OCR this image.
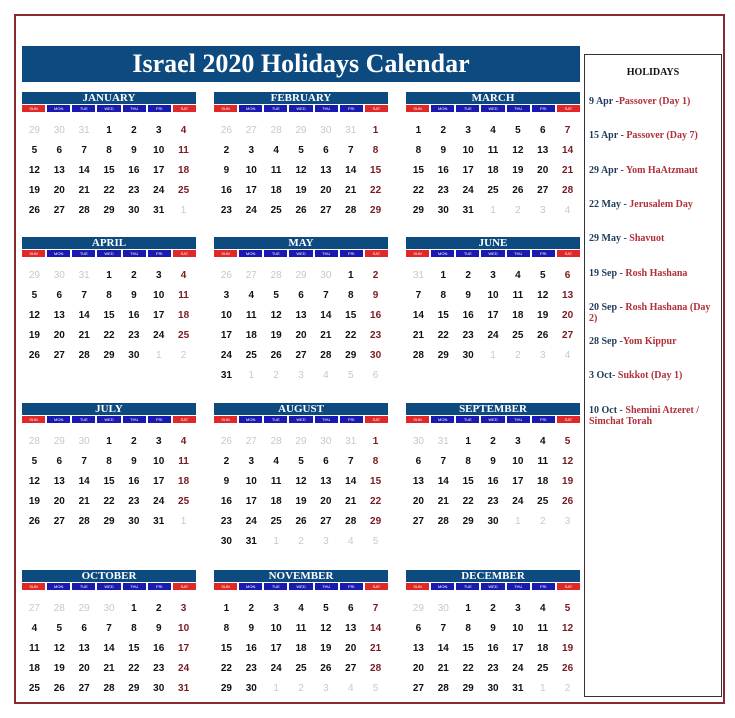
Israel 2020 Holidays Calendar
JANUARY
SUN	MON	TUE	WED	THU	FRI	SAT
29	30	31	1	2	3	4
5	6	7	8	9	10	11
12	13	14	15	16	17	18
19	20	21	22	23	24	25
26	27	28	29	30	31	1
FEBRUARY
SUN	MON	TUE	WED	THU	FRI	SAT
26	27	28	29	30	31	1
2	3	4	5	6	7	8
9	10	11	12	13	14	15
16	17	18	19	20	21	22
23	24	25	26	27	28	29
MARCH
SUN	MON	TUE	WED	THU	FRI	SAT
1	2	3	4	5	6	7
8	9	10	11	12	13	14
15	16	17	18	19	20	21
22	23	24	25	26	27	28
29	30	31	1	2	3	4
APRIL
SUN	MON	TUE	WED	THU	FRI	SAT
29	30	31	1	2	3	4
5	6	7	8	9	10	11
12	13	14	15	16	17	18
19	20	21	22	23	24	25
26	27	28	29	30	1	2
MAY
SUN	MON	TUE	WED	THU	FRI	SAT
26	27	28	29	30	1	2
3	4	5	6	7	8	9
10	11	12	13	14	15	16
17	18	19	20	21	22	23
24	25	26	27	28	29	30
31	1	2	3	4	5	6
JUNE
SUN	MON	TUE	WED	THU	FRI	SAT
31	1	2	3	4	5	6
7	8	9	10	11	12	13
14	15	16	17	18	19	20
21	22	23	24	25	26	27
28	29	30	1	2	3	4
JULY
SUN	MON	TUE	WED	THU	FRI	SAT
28	29	30	1	2	3	4
5	6	7	8	9	10	11
12	13	14	15	16	17	18
19	20	21	22	23	24	25
26	27	28	29	30	31	1
AUGUST
SUN	MON	TUE	WED	THU	FRI	SAT
26	27	28	29	30	31	1
2	3	4	5	6	7	8
9	10	11	12	13	14	15
16	17	18	19	20	21	22
23	24	25	26	27	28	29
30	31	1	2	3	4	5
SEPTEMBER
SUN	MON	TUE	WED	THU	FRI	SAT
30	31	1	2	3	4	5
6	7	8	9	10	11	12
13	14	15	16	17	18	19
20	21	22	23	24	25	26
27	28	29	30	1	2	3
OCTOBER
SUN	MON	TUE	WED	THU	FRI	SAT
27	28	29	30	1	2	3
4	5	6	7	8	9	10
11	12	13	14	15	16	17
18	19	20	21	22	23	24
25	26	27	28	29	30	31
NOVEMBER
SUN	MON	TUE	WED	THU	FRI	SAT
1	2	3	4	5	6	7
8	9	10	11	12	13	14
15	16	17	18	19	20	21
22	23	24	25	26	27	28
29	30	1	2	3	4	5
DECEMBER
SUN	MON	TUE	WED	THU	FRI	SAT
29	30	1	2	3	4	5
6	7	8	9	10	11	12
13	14	15	16	17	18	19
20	21	22	23	24	25	26
27	28	29	30	31	1	2
HOLIDAYS
9 Apr -Passover (Day 1)
15 Apr - Passover (Day 7)
29 Apr - Yom HaAtzmaut
22 May - Jerusalem Day
29 May - Shavuot
19 Sep - Rosh Hashana
20 Sep - Rosh Hashana (Day 2)
28 Sep -Yom Kippur
3 Oct- Sukkot (Day 1)
10 Oct - Shemini Atzeret / Simchat Torah
